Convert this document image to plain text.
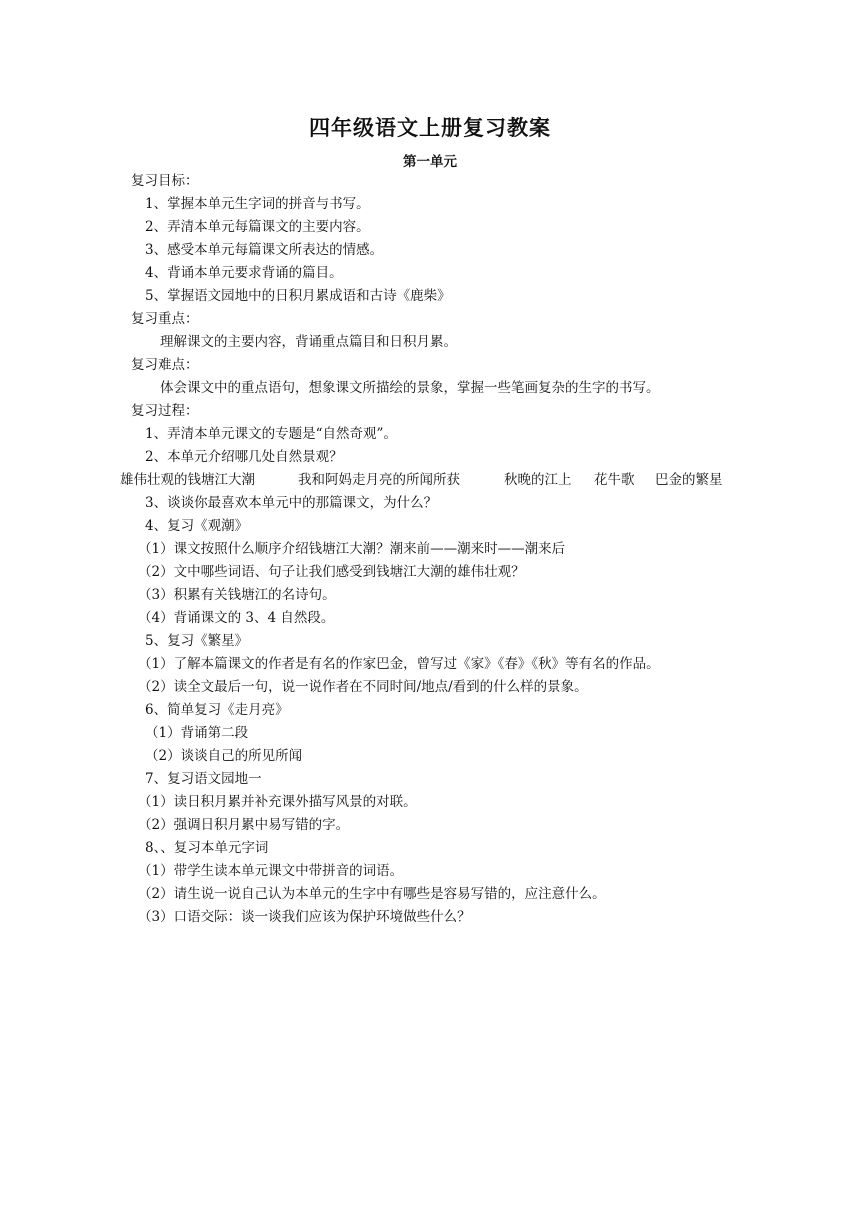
四年级语文上册复习教案
第一单元
复习目标：
1、掌握本单元生字词的拼音与书写。
2、弄清本单元每篇课文的主要内容。
3、感受本单元每篇课文所表达的情感。
4、背诵本单元要求背诵的篇目。
5、掌握语文园地中的日积月累成语和古诗《鹿柴》
复习重点：
理解课文的主要内容，背诵重点篇目和日积月累。
复习难点：
体会课文中的重点语句，想象课文所描绘的景象，掌握一些笔画复杂的生字的书写。
复习过程：
1、弄清本单元课文的专题是“自然奇观”。
2、本单元介绍哪几处自然景观？
雄伟壮观的钱塘江大潮	我和阿妈走月亮的所闻所获	秋晚的江上 花牛歌 巴金的繁星
3、谈谈你最喜欢本单元中的那篇课文，为什么？
4、复习《观潮》
（1）课文按照什么顺序介绍钱塘江大潮？潮来前——潮来时——潮来后
（2）文中哪些词语、句子让我们感受到钱塘江大潮的雄伟壮观？
（3）积累有关钱塘江的名诗句。
（4）背诵课文的 3、4 自然段。
5、复习《繁星》
（1）了解本篇课文的作者是有名的作家巴金，曾写过《家》《春》《秋》等有名的作品。
（2）读全文最后一句，说一说作者在不同时间/地点/看到的什么样的景象。
6、简单复习《走月亮》
（1）背诵第二段
（2）谈谈自己的所见所闻
7、复习语文园地一
（1）读日积月累并补充课外描写风景的对联。
（2）强调日积月累中易写错的字。
8、、复习本单元字词
（1）带学生读本单元课文中带拼音的词语。
（2）请生说一说自己认为本单元的生字中有哪些是容易写错的，应注意什么。
（3）口语交际：谈一谈我们应该为保护环境做些什么？
